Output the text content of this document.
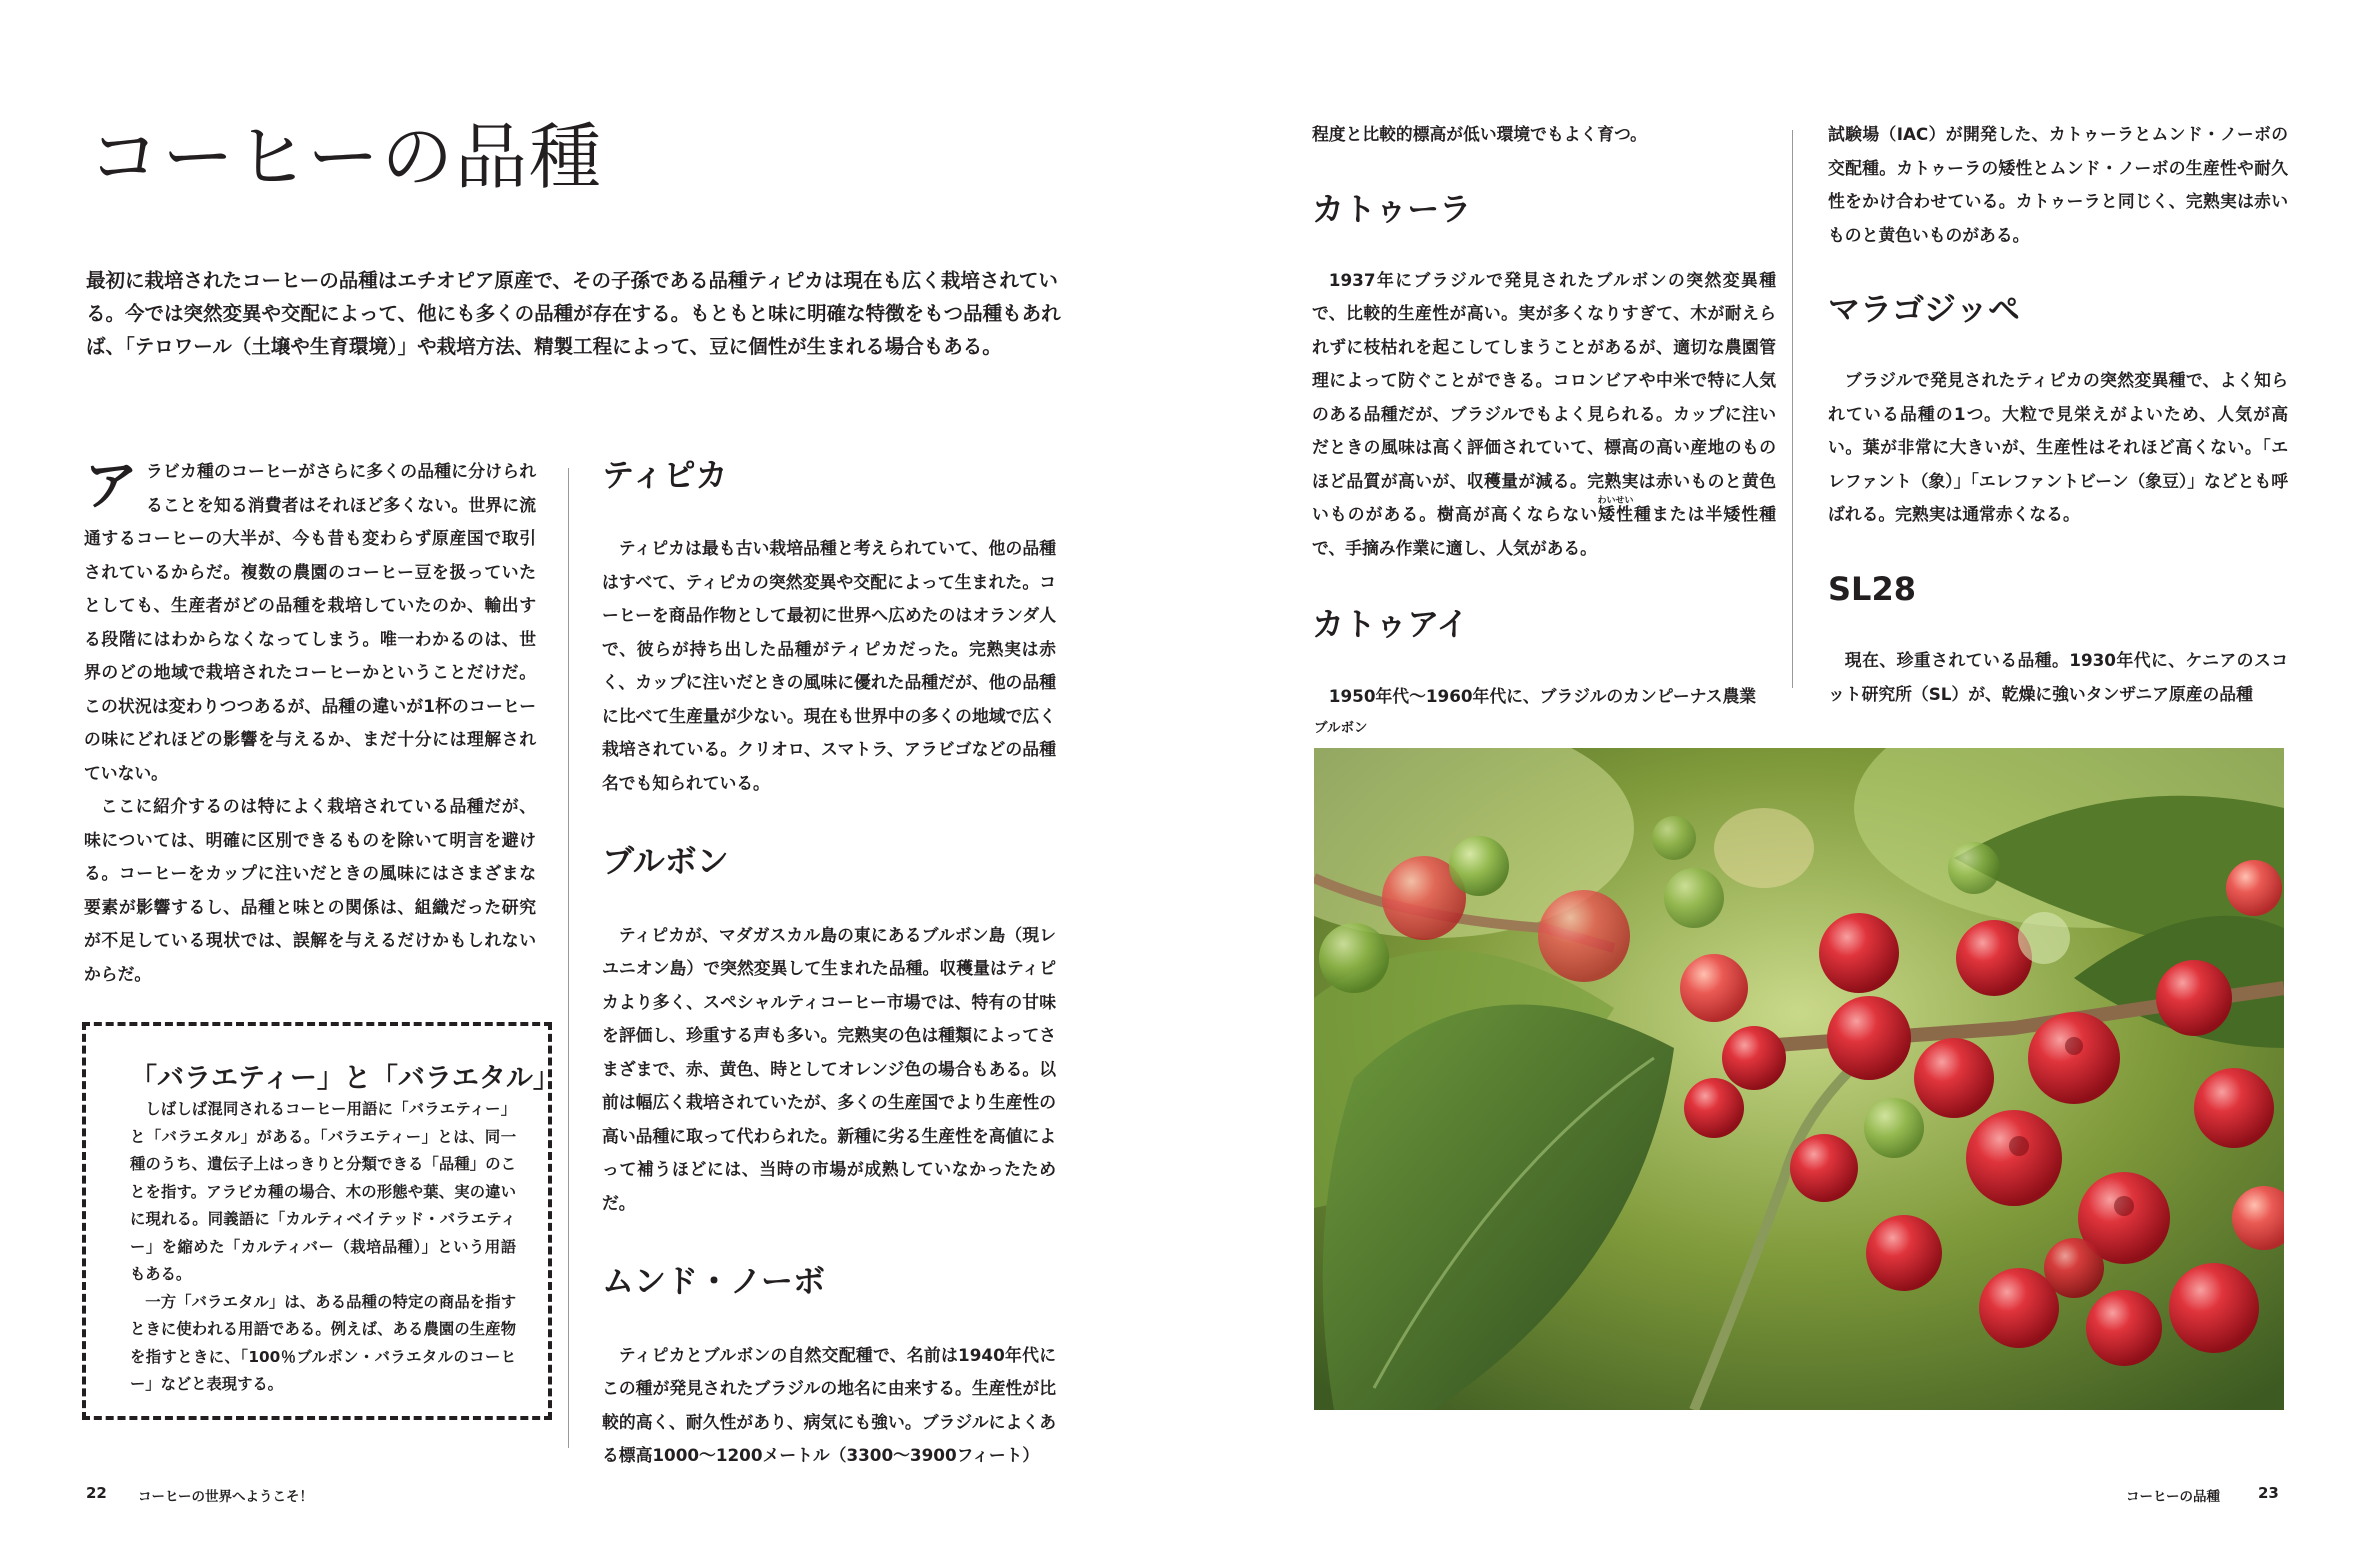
コーヒーの品種

最初に栽培されたコーヒーの品種はエチオピア原産で、その子孫である品種ティピカは現在も広く栽培されている。今では突然変異や交配によって、他にも多くの品種が存在する。もともと味に明確な特徴をもつ品種もあれば、「テロワール（土壌や生育環境）」や栽培方法、精製工程によって、豆に個性が生まれる場合もある。

アラビカ種のコーヒーがさらに多くの品種に分けられることを知る消費者はそれほど多くない。世界に流通するコーヒーの大半が、今も昔も変わらず原産国で取引されているからだ。複数の農園のコーヒー豆を扱っていたとしても、生産者がどの品種を栽培していたのか、輸出する段階にはわからなくなってしまう。唯一わかるのは、世界のどの地域で栽培されたコーヒーかということだけだ。この状況は変わりつつあるが、品種の違いが1杯のコーヒーの味にどれほどの影響を与えるか、まだ十分には理解されていない。

ここに紹介するのは特によく栽培されている品種だが、味については、明確に区別できるものを除いて明言を避ける。コーヒーをカップに注いだときの風味にはさまざまな要素が影響するし、品種と味との関係は、組織だった研究が不足している現状では、誤解を与えるだけかもしれないからだ。

「バラエティー」と「バラエタル」

しばしば混同されるコーヒー用語に「バラエティー」と「バラエタル」がある。「バラエティー」とは、同一種のうち、遺伝子上はっきりと分類できる「品種」のことを指す。アラビカ種の場合、木の形態や葉、実の違いに現れる。同義語に「カルティベイテッド・バラエティー」を縮めた「カルティバー（栽培品種）」という用語もある。

一方「バラエタル」は、ある品種の特定の商品を指すときに使われる用語である。例えば、ある農園の生産物を指すときに、「100％ブルボン・バラエタルのコーヒー」などと表現する。

ティピカ

ティピカは最も古い栽培品種と考えられていて、他の品種はすべて、ティピカの突然変異や交配によって生まれた。コーヒーを商品作物として最初に世界へ広めたのはオランダ人で、彼らが持ち出した品種がティピカだった。完熟実は赤く、カップに注いだときの風味に優れた品種だが、他の品種に比べて生産量が少ない。現在も世界中の多くの地域で広く栽培されている。クリオロ、スマトラ、アラビゴなどの品種名でも知られている。

ブルボン

ティピカが、マダガスカル島の東にあるブルボン島（現レユニオン島）で突然変異して生まれた品種。収穫量はティピカより多く、スペシャルティコーヒー市場では、特有の甘味を評価し、珍重する声も多い。完熟実の色は種類によってさまざまで、赤、黄色、時としてオレンジ色の場合もある。以前は幅広く栽培されていたが、多くの生産国でより生産性の高い品種に取って代わられた。新種に劣る生産性を高値によって補うほどには、当時の市場が成熟していなかったためだ。

ムンド・ノーボ

ティピカとブルボンの自然交配種で、名前は1940年代にこの種が発見されたブラジルの地名に由来する。生産性が比較的高く、耐久性があり、病気にも強い。ブラジルによくある標高1000〜1200メートル（3300〜3900フィート）

22 コーヒーの世界へようこそ！

程度と比較的標高が低い環境でもよく育つ。

カトゥーラ

1937年にブラジルで発見されたブルボンの突然変異種で、比較的生産性が高い。実が多くなりすぎて、木が耐えられずに枝枯れを起こしてしまうことがあるが、適切な農園管理によって防ぐことができる。コロンビアや中米で特に人気のある品種だが、ブラジルでもよく見られる。カップに注いだときの風味は高く評価されていて、標高の高い産地のものほど品質が高いが、収穫量が減る。完熟実は赤いものと黄色いものがある。樹高が高くならない矮性わいせい種または半矮性種で、手摘み作業に適し、人気がある。

カトゥアイ

1950年代〜1960年代に、ブラジルのカンピーナス農業

試験場（IAC）が開発した、カトゥーラとムンド・ノーボの交配種。カトゥーラの矮性とムンド・ノーボの生産性や耐久性をかけ合わせている。カトゥーラと同じく、完熟実は赤いものと黄色いものがある。

マラゴジッペ

ブラジルで発見されたティピカの突然変異種で、よく知られている品種の1つ。大粒で見栄えがよいため、人気が高い。葉が非常に大きいが、生産性はそれほど高くない。「エレファント（象）」「エレファントビーン（象豆）」などとも呼ばれる。完熟実は通常赤くなる。

SL28

現在、珍重されている品種。1930年代に、ケニアのスコット研究所（SL）が、乾燥に強いタンザニア原産の品種

ブルボン
コーヒーの品種	23
